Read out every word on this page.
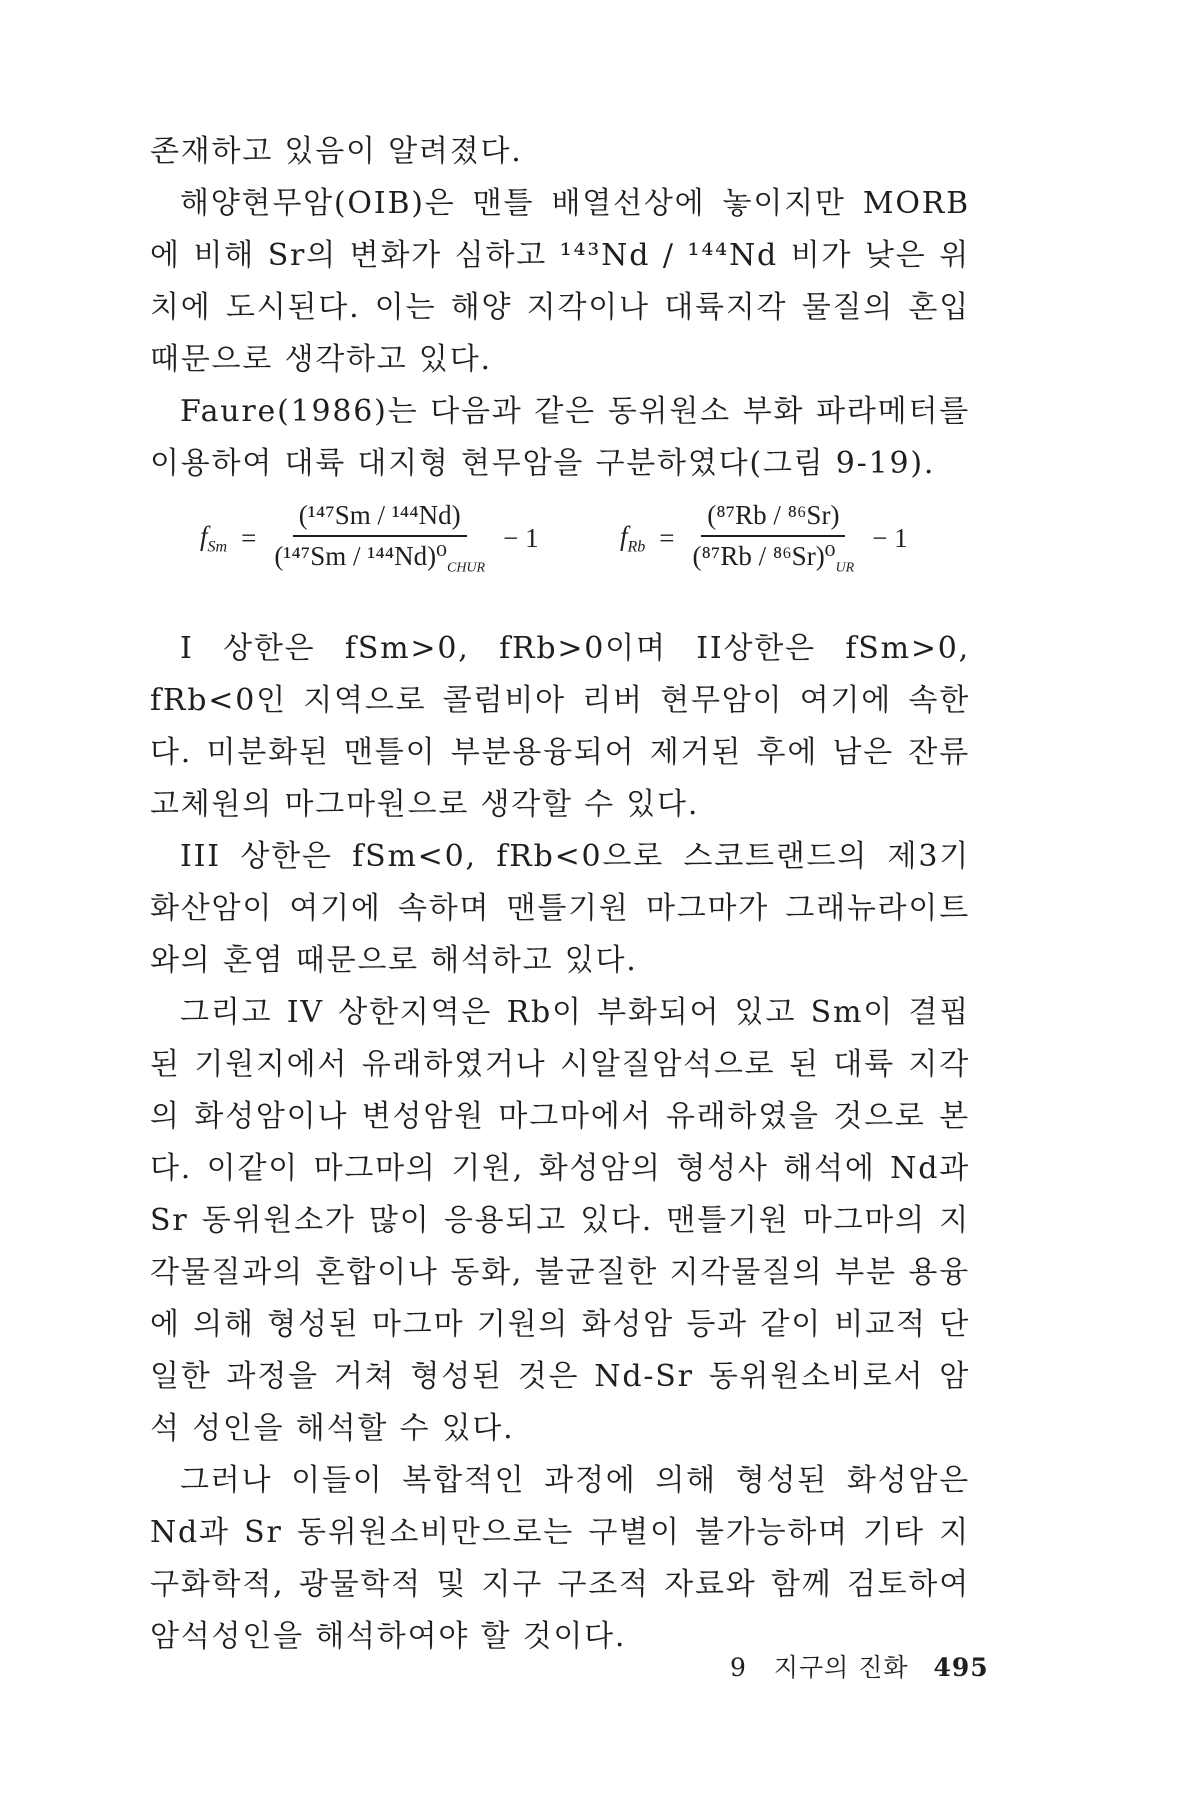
존재하고 있음이 알려졌다.

해양현무암(OIB)은 맨틀 배열선상에 놓이지만 MORB에 비해 Sr의 변화가 심하고 ¹⁴³Nd / ¹⁴⁴Nd 비가 낮은 위치에 도시된다. 이는 해양 지각이나 대륙지각 물질의 혼입 때문으로 생각하고 있다.

Faure(1986)는 다음과 같은 동위원소 부화 파라메터를 이용하여 대륙 대지형 현무암을 구분하였다(그림 9-19).

$f_{Sm} = \frac{\text{(¹⁴⁷Sm / ¹⁴⁴Nd)}}{(^{147}Sm / ^{144}Nd)^0_{CHUR}} - 1$	$f_{Rb} = \frac{\text{(⁸⁷Rb / ⁸⁶Sr)}}{(^{87}Rb / ^{86}Sr)^0_{UR}} - 1$

I 상한은 fSm>0, fRb>0이며 II상한은 fSm>0, fRb<0인 지역으로 콜럼비아 리버 현무암이 여기에 속한다. 미분화된 맨틀이 부분용융되어 제거된 후에 남은 잔류 고체원의 마그마원으로 생각할 수 있다.

III 상한은 fSm<0, fRb<0으로 스코트랜드의 제3기 화산암이 여기에 속하며 맨틀기원 마그마가 그래뉴라이트와의 혼염 때문으로 해석하고 있다.

그리고 IV 상한지역은 Rb이 부화되어 있고 Sm이 결핍된 기원지에서 유래하였거나 시알질암석으로 된 대륙 지각의 화성암이나 변성암원 마그마에서 유래하였을 것으로 본다. 이같이 마그마의 기원, 화성암의 형성사 해석에 Nd과 Sr 동위원소가 많이 응용되고 있다. 맨틀기원 마그마의 지각물질과의 혼합이나 동화, 불균질한 지각물질의 부분 용융에 의해 형성된 마그마 기원의 화성암 등과 같이 비교적 단일한 과정을 거쳐 형성된 것은 Nd-Sr 동위원소비로서 암석 성인을 해석할 수 있다.

그러나 이들이 복합적인 과정에 의해 형성된 화성암은 Nd과 Sr 동위원소비만으로는 구별이 불가능하며 기타 지구화학적, 광물학적 및 지구 구조적 자료와 함께 검토하여 암석성인을 해석하여야 할 것이다.

9 지구의 진화 495
